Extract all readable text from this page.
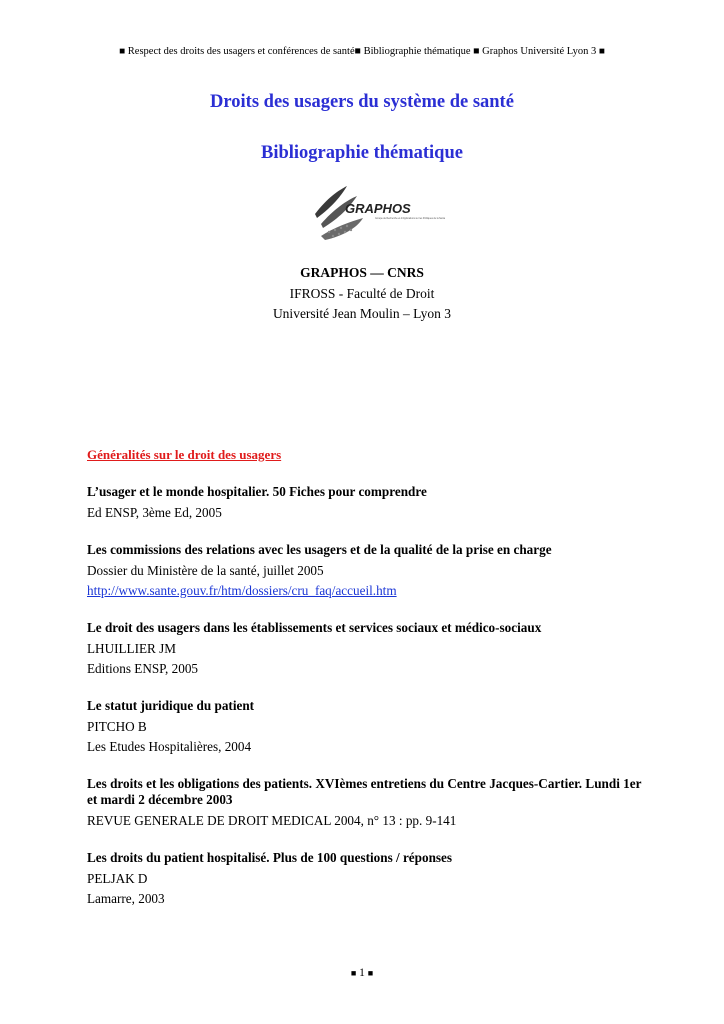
■ Respect des droits des usagers et conférences de santé■ Bibliographie thématique ■ Graphos Université Lyon 3 ■
Droits des usagers du système de santé
Bibliographie thématique
GRAPHOS
Groupe de Recherche et d'Applications sur les Politiques de la Santé
GRAPHOS — CNRS
IFROSS - Faculté de Droit
Université Jean Moulin – Lyon 3
Généralités sur le droit des usagers
L’usager et le monde hospitalier. 50 Fiches pour comprendre
Ed ENSP, 3ème Ed, 2005
Les commissions des relations avec les usagers et de la qualité de la prise en charge
Dossier du Ministère de la santé, juillet 2005
http://www.sante.gouv.fr/htm/dossiers/cru_faq/accueil.htm
Le droit des usagers dans les établissements et services sociaux et médico-sociaux
LHUILLIER JM
Editions ENSP, 2005
Le statut juridique du patient
PITCHO B
Les Etudes Hospitalières, 2004
Les droits et les obligations des patients. XVIèmes entretiens du Centre Jacques-Cartier. Lundi 1er et mardi 2 décembre 2003
REVUE GENERALE DE DROIT MEDICAL 2004, n° 13 : pp. 9-141
Les droits du patient hospitalisé. Plus de 100 questions / réponses
PELJAK D
Lamarre, 2003
■ 1 ■
